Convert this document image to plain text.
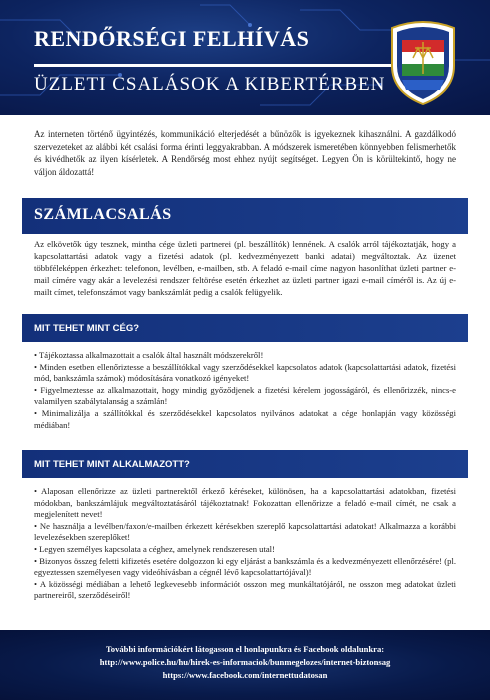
RENDŐRSÉGI FELHÍVÁS
ÜZLETI CSALÁSOK A KIBERTÉRBEN
Az interneten történő ügyintézés, kommunikáció elterjedését a bűnözők is igyekeznek kihasználni. A gazdálkodó szervezeteket az alábbi két csalási forma érinti leggyakrabban. A módszerek ismeretében könnyebben felismerhetők és kivédhetők az ilyen kísérletek. A Rendőrség most ehhez nyújt segítséget. Legyen Ön is körültekintő, hogy ne váljon áldozattá!
SZÁMLACSALÁS
Az elkövetők úgy tesznek, mintha cége üzleti partnerei (pl. beszállítók) lennének. A csalók arról tájékoztatják, hogy a kapcsolattartási adatok vagy a fizetési adatok (pl. kedvezményezett banki adatai) megváltoztak. Az üzenet többféleképpen érkezhet: telefonon, levélben, e-mailben, stb. A feladó e-mail címe nagyon hasonlíthat üzleti partner e-mail címére vagy akár a levelezési rendszer feltörése esetén érkezhet az üzleti partner igazi e-mail címéről is. Az új e-mailt címet, telefonszámot vagy bankszámlát pedig a csalók felügyelik.
MIT TEHET MINT CÉG?
• Tájékoztassa alkalmazottait a csalók által használt módszerekről!
• Minden esetben ellenőriztesse a beszállítókkal vagy szerződésekkel kapcsolatos adatok (kapcsolattartási adatok, fizetési mód, bankszámla számok) módosítására vonatkozó igényeket!
• Figyelmeztesse az alkalmazottait, hogy mindig győződjenek a fizetési kérelem jogosságáról, és ellenőrizzék, nincs-e valamilyen szabálytalanság a számlán!
• Minimalizálja a szállítókkal és szerződésekkel kapcsolatos nyilvános adatokat a cége honlapján vagy közösségi médiában!
MIT TEHET MINT ALKALMAZOTT?
• Alaposan ellenőrizze az üzleti partnerektől érkező kéréseket, különösen, ha a kapcsolattartási adatokban, fizetési módokban, bankszámlájuk megváltoztatásáról tájékoztatnak! Fokozattan ellenőrizze a feladó e-mail címét, ne csak a megjelenített nevet!
• Ne használja a levélben/faxon/e-mailben érkezett kérésekben szereplő kapcsolattartási adatokat! Alkalmazza a korábbi levelezésekben szereplőket!
• Legyen személyes kapcsolata a céghez, amelynek rendszeresen utal!
• Bizonyos összeg feletti kifizetés esetére dolgozzon ki egy eljárást a bankszámla és a kedvezményezett ellenőrzésére! (pl. egyeztessen személyesen vagy videóhívásban a cégnél lévő kapcsolattartójával)!
• A közösségi médiában a lehető legkevesebb információt osszon meg munkáltatójáról, ne osszon meg adatokat üzleti partnereiről, szerződéseiről!
További információkért látogasson el honlapunkra és Facebook oldalunkra:
http://www.police.hu/hu/hirek-es-informaciok/bunmegelozes/internet-biztonsag
https://www.facebook.com/internettudatosan
